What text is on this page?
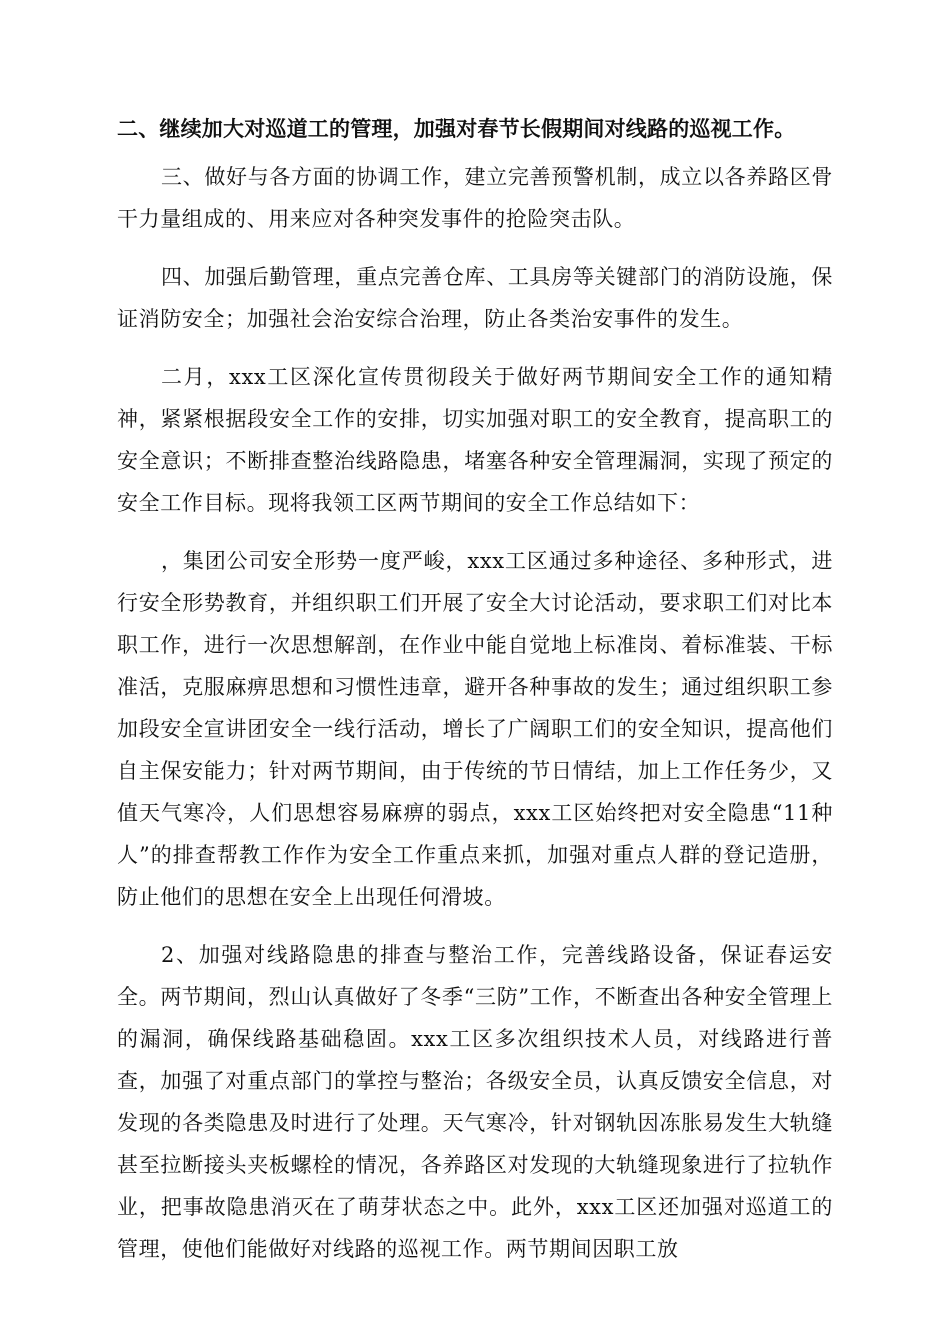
二、继续加大对巡道工的管理，加强对春节长假期间对线路的巡视工作。

三、做好与各方面的协调工作，建立完善预警机制，成立以各养路区骨干力量组成的、用来应对各种突发事件的抢险突击队。

四、加强后勤管理，重点完善仓库、工具房等关键部门的消防设施，保证消防安全；加强社会治安综合治理，防止各类治安事件的发生。

二月，xxx工区深化宣传贯彻段关于做好两节期间安全工作的通知精神，紧紧根据段安全工作的安排，切实加强对职工的安全教育，提高职工的安全意识；不断排查整治线路隐患，堵塞各种安全管理漏洞，实现了预定的安全工作目标。现将我领工区两节期间的安全工作总结如下：

，集团公司安全形势一度严峻，xxx工区通过多种途径、多种形式，进行安全形势教育，并组织职工们开展了安全大讨论活动，要求职工们对比本职工作，进行一次思想解剖，在作业中能自觉地上标准岗、着标准装、干标准活，克服麻痹思想和习惯性违章，避开各种事故的发生；通过组织职工参加段安全宣讲团安全一线行活动，增长了广阔职工们的安全知识，提高他们自主保安能力；针对两节期间，由于传统的节日情结，加上工作任务少，又值天气寒冷，人们思想容易麻痹的弱点，xxx工区始终把对安全隐患“11种人”的排查帮教工作作为安全工作重点来抓，加强对重点人群的登记造册，防止他们的思想在安全上出现任何滑坡。

2、加强对线路隐患的排查与整治工作，完善线路设备，保证春运安全。两节期间，烈山认真做好了冬季“三防”工作，不断查出各种安全管理上的漏洞，确保线路基础稳固。xxx工区多次组织技术人员，对线路进行普查，加强了对重点部门的掌控与整治；各级安全员，认真反馈安全信息，对发现的各类隐患及时进行了处理。天气寒冷，针对钢轨因冻胀易发生大轨缝甚至拉断接头夹板螺栓的情况，各养路区对发现的大轨缝现象进行了拉轨作业，把事故隐患消灭在了萌芽状态之中。此外，xxx工区还加强对巡道工的管理，使他们能做好对线路的巡视工作。两节期间因职工放
